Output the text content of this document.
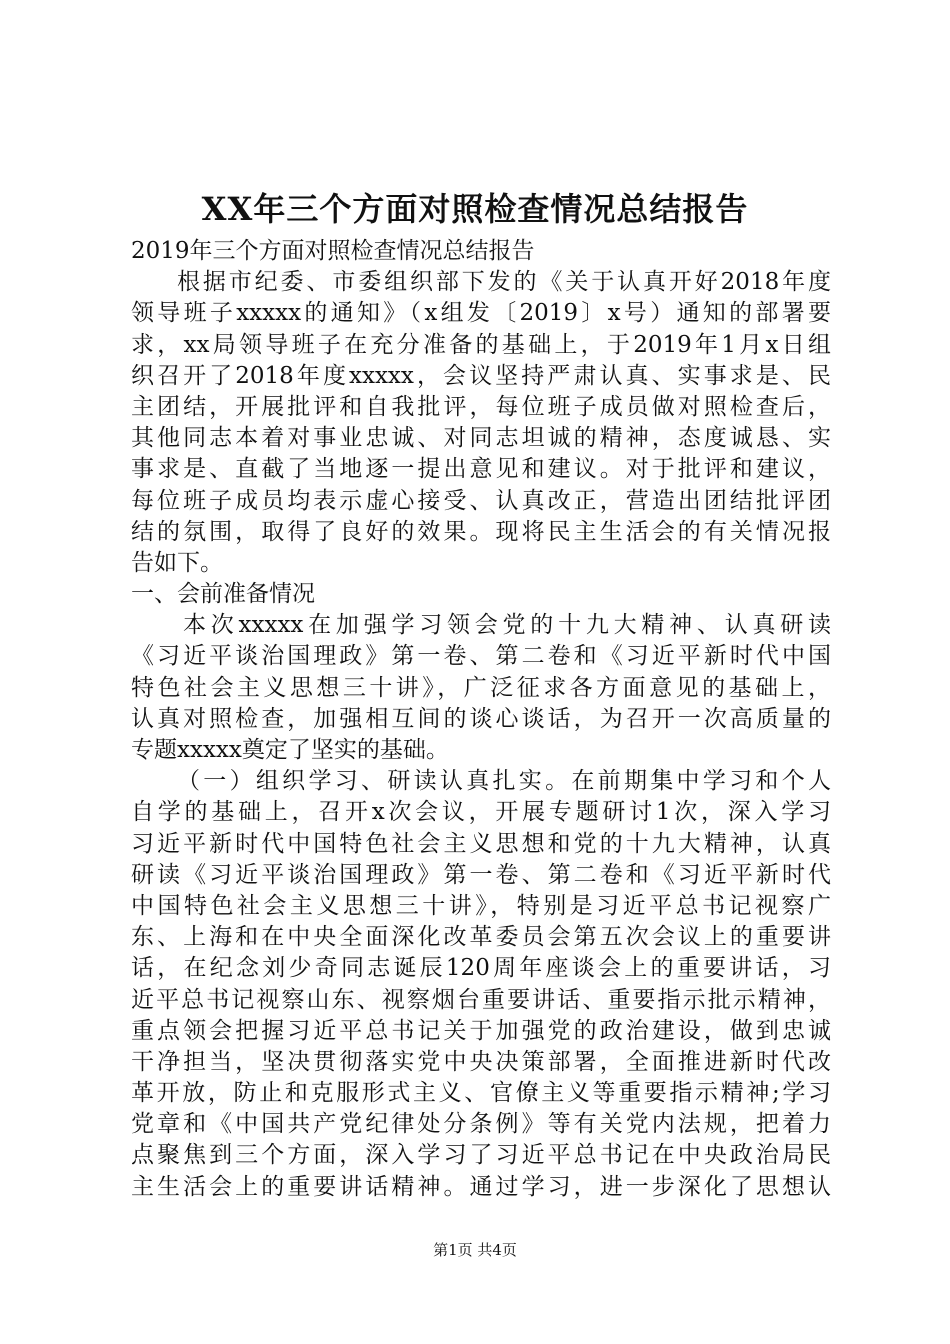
XX年三个方面对照检查情况总结报告

2019年三个方面对照检查情况总结报告

根据市纪委、市委组织部下发的《关于认真开好2018年度
领导班子xxxxx的通知》（x组发〔2019〕x号）通知的部署要
求，xx局领导班子在充分准备的基础上，于2019年1月x日组
织召开了2018年度xxxxx，会议坚持严肃认真、实事求是、民
主团结，开展批评和自我批评，每位班子成员做对照检查后，
其他同志本着对事业忠诚、对同志坦诚的精神，态度诚恳、实
事求是、直截了当地逐一提出意见和建议。对于批评和建议，
每位班子成员均表示虚心接受、认真改正，营造出团结批评团
结的氛围，取得了良好的效果。现将民主生活会的有关情况报
告如下。

一、会前准备情况

本次xxxxx在加强学习领会党的十九大精神、认真研读
《习近平谈治国理政》第一卷、第二卷和《习近平新时代中国
特色社会主义思想三十讲》，广泛征求各方面意见的基础上，
认真对照检查，加强相互间的谈心谈话，为召开一次高质量的
专题xxxxx奠定了坚实的基础。
（一）组织学习、研读认真扎实。在前期集中学习和个人
自学的基础上，召开x次会议，开展专题研讨1次，深入学习
习近平新时代中国特色社会主义思想和党的十九大精神，认真
研读《习近平谈治国理政》第一卷、第二卷和《习近平新时代
中国特色社会主义思想三十讲》，特别是习近平总书记视察广
东、上海和在中央全面深化改革委员会第五次会议上的重要讲
话，在纪念刘少奇同志诞辰120周年座谈会上的重要讲话，习
近平总书记视察山东、视察烟台重要讲话、重要指示批示精神，
重点领会把握习近平总书记关于加强党的政治建设，做到忠诚
干净担当，坚决贯彻落实党中央决策部署，全面推进新时代改
革开放，防止和克服形式主义、官僚主义等重要指示精神;学习
党章和《中国共产党纪律处分条例》等有关党内法规，把着力
点聚焦到三个方面，深入学习了习近平总书记在中央政治局民
主生活会上的重要讲话精神。通过学习，进一步深化了思想认
第1页 共4页
